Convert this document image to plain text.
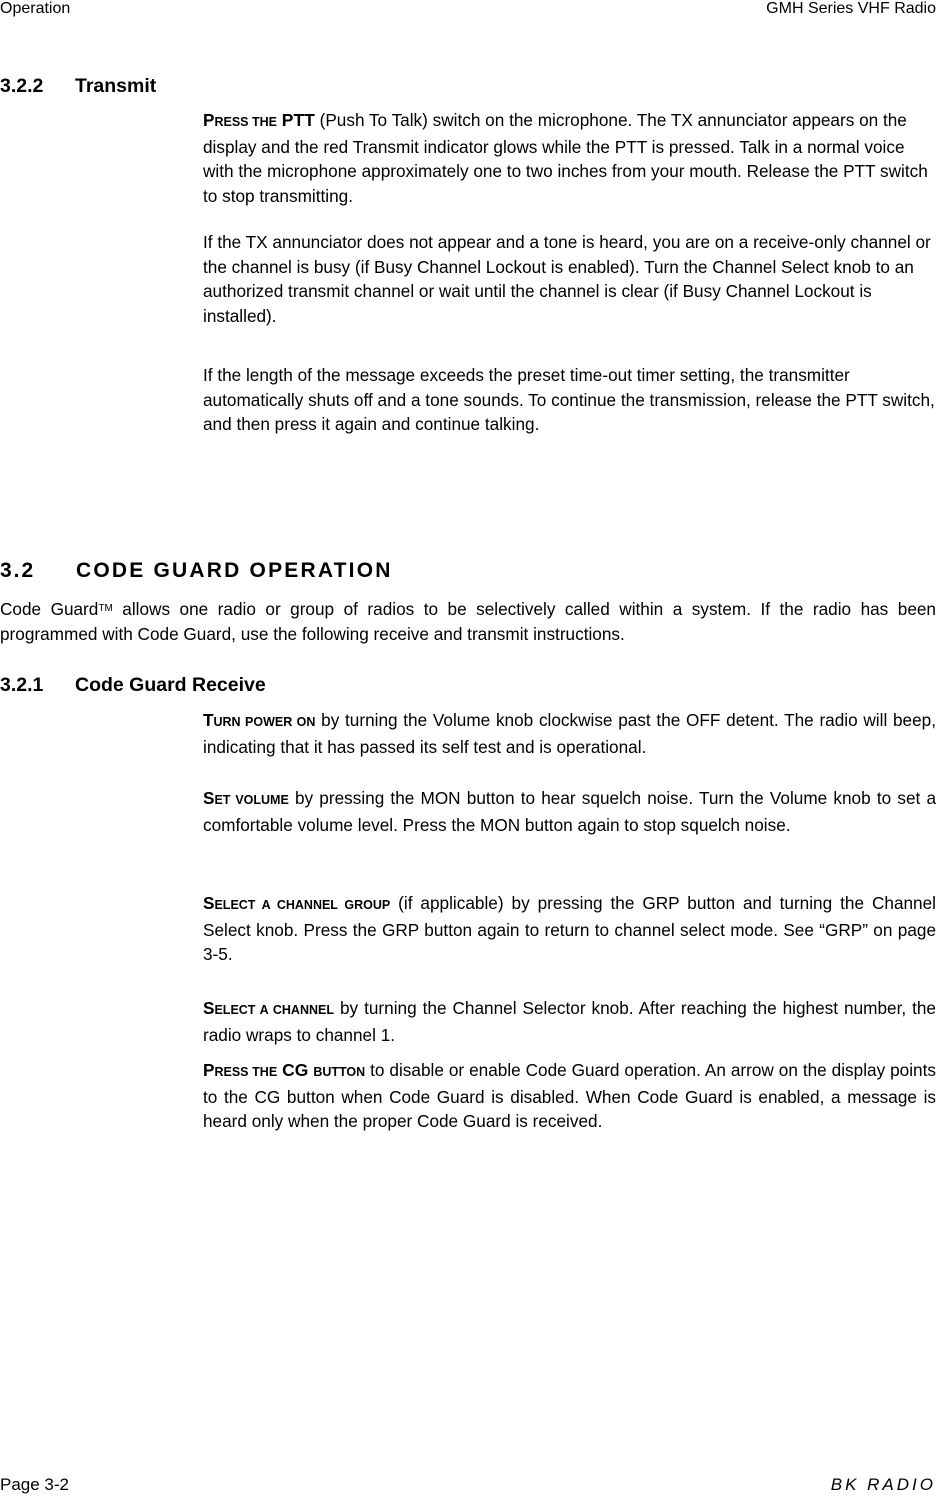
Operation	GMH Series VHF Radio
3.2.2 Transmit

PRESS THE PTT (Push To Talk) switch on the microphone. The TX annunciator appears on the display and the red Transmit indicator glows while the PTT is pressed. Talk in a normal voice with the microphone approximately one to two inches from your mouth. Release the PTT switch to stop transmitting.

If the TX annunciator does not appear and a tone is heard, you are on a receive-only channel or the channel is busy (if Busy Channel Lockout is enabled). Turn the Channel Select knob to an authorized transmit channel or wait until the channel is clear (if Busy Channel Lockout is installed).

If the length of the message exceeds the preset time-out timer setting, the transmitter automatically shuts off and a tone sounds. To continue the transmission, release the PTT switch, and then press it again and continue talking.

3.2 CODE GUARD OPERATION

Code Guard™ allows one radio or group of radios to be selectively called within a system. If the radio has been programmed with Code Guard, use the following receive and transmit instructions.

3.2.1 Code Guard Receive

TURN POWER ON by turning the Volume knob clockwise past the OFF detent. The radio will beep, indicating that it has passed its self test and is operational.

SET VOLUME by pressing the MON button to hear squelch noise. Turn the Volume knob to set a comfortable volume level. Press the MON button again to stop squelch noise.

SELECT A CHANNEL GROUP (if applicable) by pressing the GRP button and turning the Channel Select knob. Press the GRP button again to return to channel select mode. See “GRP” on page 3-5.

SELECT A CHANNEL by turning the Channel Selector knob. After reaching the highest number, the radio wraps to channel 1.

PRESS THE CG BUTTON to disable or enable Code Guard operation. An arrow on the display points to the CG button when Code Guard is disabled. When Code Guard is enabled, a message is heard only when the proper Code Guard is received.

Page 3-2	BK RADIO
